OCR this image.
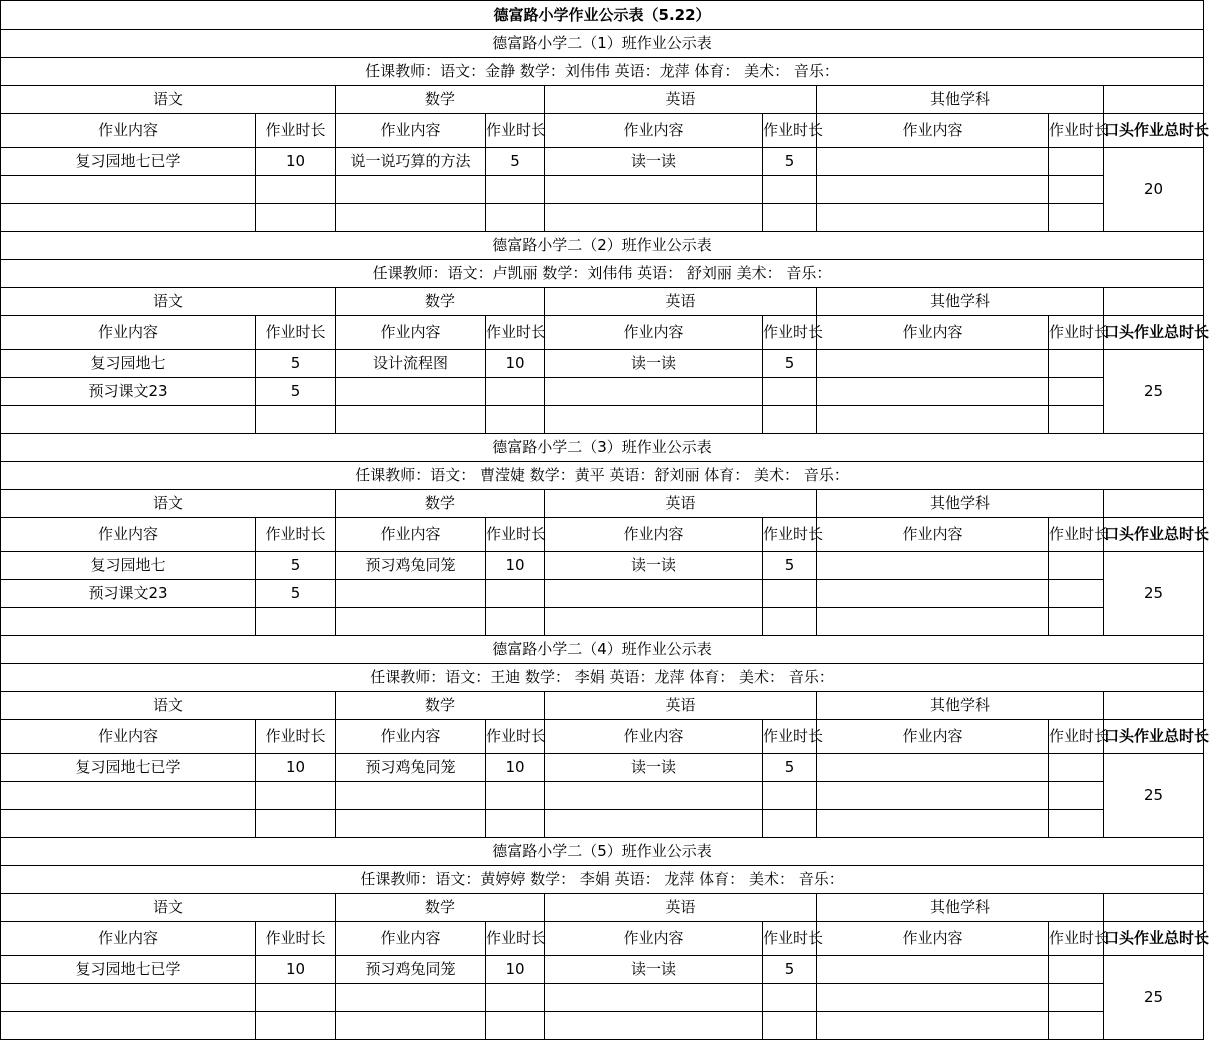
德富路小学作业公示表（5.22）								
德富路小学二（1）班作业公示表								
任课教师：语文：金静 数学：刘伟伟 英语：龙萍 体育： 美术： 音乐：								
语文		数学		英语		其他学科		
作业内容	作业时长	作业内容	作业时长	作业内容	作业时长	作业内容	作业时长	口头作业总时长
复习园地七已学	10	说一说巧算的方法	5	读一读	5			20

德富路小学二（2）班作业公示表								
任课教师：语文：卢凯丽 数学：刘伟伟 英语： 舒刘丽 美术： 音乐：								
语文		数学		英语		其他学科		
作业内容	作业时长	作业内容	作业时长	作业内容	作业时长	作业内容	作业时长	口头作业总时长
复习园地七	5	设计流程图	10	读一读	5			25
预习课文23	5							

德富路小学二（3）班作业公示表								
任课教师：语文： 曹滢婕 数学：黄平 英语：舒刘丽 体育： 美术： 音乐：								
语文		数学		英语		其他学科		
作业内容	作业时长	作业内容	作业时长	作业内容	作业时长	作业内容	作业时长	口头作业总时长
复习园地七	5	预习鸡兔同笼	10	读一读	5			25
预习课文23	5							

德富路小学二（4）班作业公示表								
任课教师：语文：王迪 数学： 李娟 英语：龙萍 体育： 美术： 音乐：								
语文		数学		英语		其他学科		
作业内容	作业时长	作业内容	作业时长	作业内容	作业时长	作业内容	作业时长	口头作业总时长
复习园地七已学	10	预习鸡兔同笼	10	读一读	5			25

德富路小学二（5）班作业公示表								
任课教师：语文：黄婷婷 数学： 李娟 英语： 龙萍 体育： 美术： 音乐：								
语文		数学		英语		其他学科		
作业内容	作业时长	作业内容	作业时长	作业内容	作业时长	作业内容	作业时长	口头作业总时长
复习园地七已学	10	预习鸡兔同笼	10	读一读	5			25
